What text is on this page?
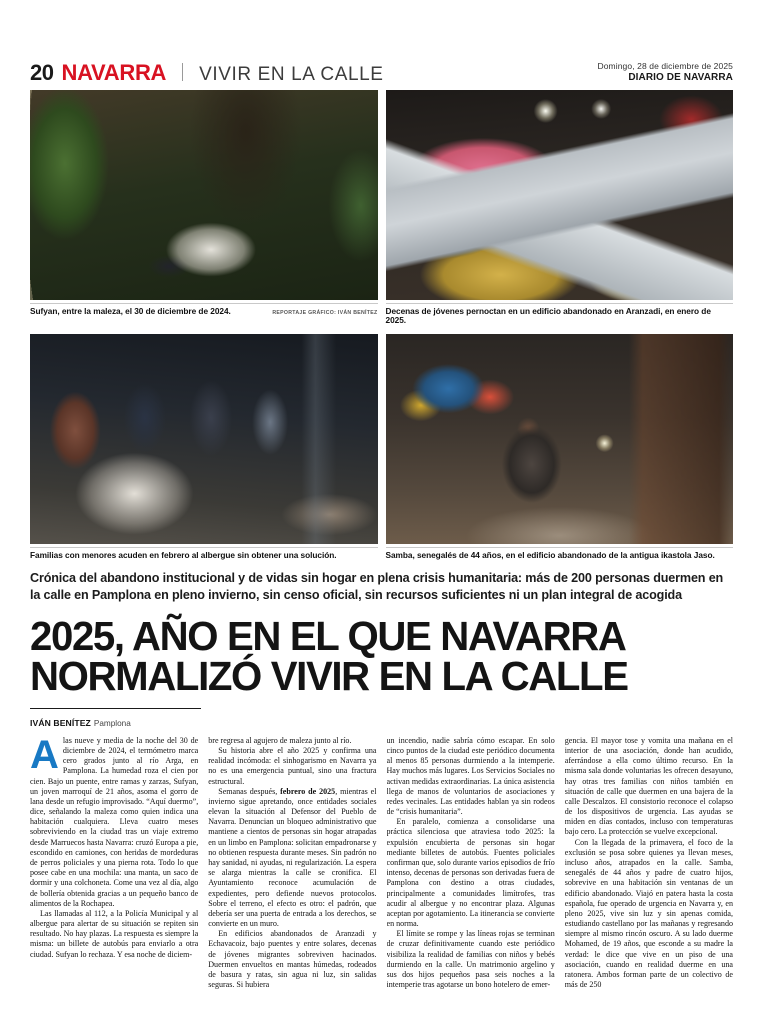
20 NAVARRA VIVIR EN LA CALLE	Domingo, 28 de diciembre de 2025
DIARIO DE NAVARRA
Sufyan, entre la maleza, el 30 de diciembre de 2024.	REPORTAJE GRÁFICO: IVÁN BENÍTEZ Decenas de jóvenes pernoctan en un edificio abandonado en Aranzadi, en enero de 2025.
Familias con menores acuden en febrero al albergue sin obtener una solución.	Samba, senegalés de 44 años, en el edificio abandonado de la antigua ikastola Jaso.
Crónica del abandono institucional y de vidas sin hogar en plena crisis humanitaria: más de 200 personas duermen en la calle en Pamplona en pleno invierno, sin censo oficial, sin recursos suficientes ni un plan integral de acogida
2025, AÑO EN EL QUE NAVARRA
NORMALIZÓ VIVIR EN LA CALLE
IVÁN BENÍTEZ Pamplona

A las nueve y media de la noche del 30 de diciembre de 2024, el termómetro marca cero grados junto al río Arga, en Pamplona. La humedad roza el cien por cien. Bajo un puente, entre ramas y zarzas, Sufyan, un joven marroquí de 21 años, asoma el gorro de lana desde un refugio improvisado. “Aquí duermo”, dice, señalando la maleza como quien indica una habitación cualquiera. Lleva cuatro meses sobreviviendo en la ciudad tras un viaje extremo desde Marruecos hasta Navarra: cruzó Europa a pie, escondido en camiones, con heridas de mordeduras de perros policiales y una pierna rota. Todo lo que posee cabe en una mochila: una manta, un saco de dormir y una colchoneta. Come una vez al día, algo de bollería obtenida gracias a un pequeño banco de alimentos de la Rochapea.

Las llamadas al 112, a la Policía Municipal y al albergue para alertar de su situación se repiten sin resultado. No hay plazas. La respuesta es siempre la misma: un billete de autobús para enviarlo a otra ciudad. Sufyan lo rechaza. Y esa noche de diciem-

bre regresa al agujero de maleza junto al río.

Su historia abre el año 2025 y confirma una realidad incómoda: el sinhogarismo en Navarra ya no es una emergencia puntual, sino una fractura estructural.

Semanas después, febrero de 2025, mientras el invierno sigue apretando, once entidades sociales elevan la situación al Defensor del Pueblo de Navarra. Denuncian un bloqueo administrativo que mantiene a cientos de personas sin hogar atrapadas en un limbo en Pamplona: solicitan empadronarse y no obtienen respuesta durante meses. Sin padrón no hay sanidad, ni ayudas, ni regularización. La espera se alarga mientras la calle se cronifica. El Ayuntamiento reconoce acumulación de expedientes, pero defiende nuevos protocolos. Sobre el terreno, el efecto es otro: el padrón, que debería ser una puerta de entrada a los derechos, se convierte en un muro.

En edificios abandonados de Aranzadi y Echavacoiz, bajo puentes y entre solares, decenas de jóvenes migrantes sobreviven hacinados. Duermen envueltos en mantas húmedas, rodeados de basura y ratas, sin agua ni luz, sin salidas seguras. Si hubiera

un incendio, nadie sabría cómo escapar. En solo cinco puntos de la ciudad este periódico documenta al menos 85 personas durmiendo a la intemperie. Hay muchos más lugares. Los Servicios Sociales no activan medidas extraordinarias. La única asistencia llega de manos de voluntarios de asociaciones y redes vecinales. Las entidades hablan ya sin rodeos de “crisis humanitaria”.

En paralelo, comienza a consolidarse una práctica silenciosa que atraviesa todo 2025: la expulsión encubierta de personas sin hogar mediante billetes de autobús. Fuentes policiales confirman que, solo durante varios episodios de frío intenso, decenas de personas son derivadas fuera de Pamplona con destino a otras ciudades, principalmente a comunidades limítrofes, tras acudir al albergue y no encontrar plaza. Algunas aceptan por agotamiento. La itinerancia se convierte en norma.

El límite se rompe y las líneas rojas se terminan de cruzar definitivamente cuando este periódico visibiliza la realidad de familias con niños y bebés durmiendo en la calle. Un matrimonio argelino y sus dos hijos pequeños pasa seis noches a la intemperie tras agotarse un bono hotelero de emer-

gencia. El mayor tose y vomita una mañana en el interior de una asociación, donde han acudido, aferrándose a ella como último recurso. En la misma sala donde voluntarias les ofrecen desayuno, hay otras tres familias con niños también en situación de calle que duermen en una bajera de la calle Descalzos. El consistorio reconoce el colapso de los dispositivos de urgencia. Las ayudas se miden en días contados, incluso con temperaturas bajo cero. La protección se vuelve excepcional.

Con la llegada de la primavera, el foco de la exclusión se posa sobre quienes ya llevan meses, incluso años, atrapados en la calle. Samba, senegalés de 44 años y padre de cuatro hijos, sobrevive en una habitación sin ventanas de un edificio abandonado. Viajó en patera hasta la costa española, fue operado de urgencia en Navarra y, en pleno 2025, vive sin luz y sin apenas comida, estudiando castellano por las mañanas y regresando siempre al mismo rincón oscuro. A su lado duerme Mohamed, de 19 años, que esconde a su madre la verdad: le dice que vive en un piso de una asociación, cuando en realidad duerme en una ratonera. Ambos forman parte de un colectivo de más de 250
